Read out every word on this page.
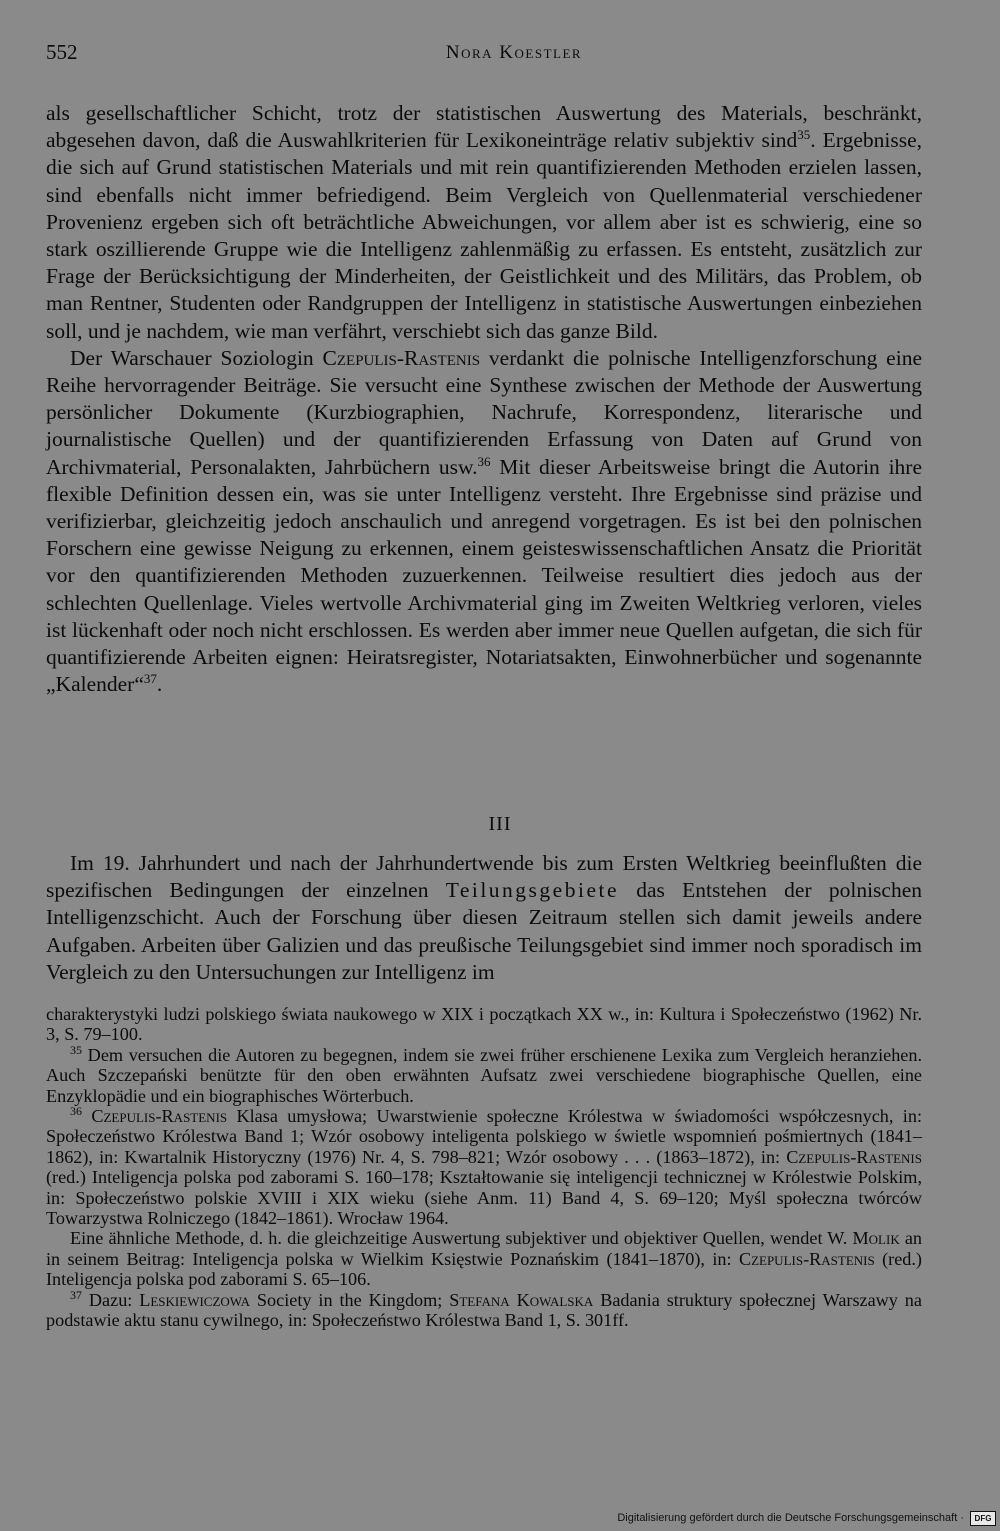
552	Nora Koestler

als gesellschaftlicher Schicht, trotz der statistischen Auswertung des Materials, beschränkt, abgesehen davon, daß die Auswahlkriterien für Lexikoneinträge relativ subjektiv sind$^{35}$. Ergebnisse, die sich auf Grund statistischen Materials und mit rein quantifizierenden Methoden erzielen lassen, sind ebenfalls nicht immer befriedigend. Beim Vergleich von Quellenmaterial verschiedener Provenienz ergeben sich oft beträchtliche Abweichungen, vor allem aber ist es schwierig, eine so stark oszillierende Gruppe wie die Intelligenz zahlenmäßig zu erfassen. Es entsteht, zusätzlich zur Frage der Berücksichtigung der Minderheiten, der Geistlichkeit und des Militärs, das Problem, ob man Rentner, Studenten oder Randgruppen der Intelligenz in statistische Auswertungen einbeziehen soll, und je nachdem, wie man verfährt, verschiebt sich das ganze Bild.

Der Warschauer Soziologin Czepulis-Rastenis verdankt die polnische Intelligenzforschung eine Reihe hervorragender Beiträge. Sie versucht eine Synthese zwischen der Methode der Auswertung persönlicher Dokumente (Kurzbiographien, Nachrufe, Korrespondenz, literarische und journalistische Quellen) und der quantifizierenden Erfassung von Daten auf Grund von Archivmaterial, Personalakten, Jahrbüchern usw.$^{36}$ Mit dieser Arbeitsweise bringt die Autorin ihre flexible Definition dessen ein, was sie unter Intelligenz versteht. Ihre Ergebnisse sind präzise und verifizierbar, gleichzeitig jedoch anschaulich und anregend vorgetragen. Es ist bei den polnischen Forschern eine gewisse Neigung zu erkennen, einem geisteswissenschaftlichen Ansatz die Priorität vor den quantifizierenden Methoden zuzuerkennen. Teilweise resultiert dies jedoch aus der schlechten Quellenlage. Vieles wertvolle Archivmaterial ging im Zweiten Weltkrieg verloren, vieles ist lückenhaft oder noch nicht erschlossen. Es werden aber immer neue Quellen aufgetan, die sich für quantifizierende Arbeiten eignen: Heiratsregister, Notariatsakten, Einwohnerbücher und sogenannte „Kalender“$^{37}$.

III

Im 19. Jahrhundert und nach der Jahrhundertwende bis zum Ersten Weltkrieg beeinflußten die spezifischen Bedingungen der einzelnen Teilungsgebiete das Entstehen der polnischen Intelligenzschicht. Auch der Forschung über diesen Zeitraum stellen sich damit jeweils andere Aufgaben. Arbeiten über Galizien und das preußische Teilungsgebiet sind immer noch sporadisch im Vergleich zu den Untersuchungen zur Intelligenz im

charakterystyki ludzi polskiego świata naukowego w XIX i początkach XX w., in: Kultura i Społeczeństwo (1962) Nr. 3, S. 79–100.

$^{35}$ Dem versuchen die Autoren zu begegnen, indem sie zwei früher erschienene Lexika zum Vergleich heranziehen. Auch Szczepański benützte für den oben erwähnten Aufsatz zwei verschiedene biographische Quellen, eine Enzyklopädie und ein biographisches Wörterbuch.

$^{36}$ Czepulis-Rastenis Klasa umysłowa; Uwarstwienie społeczne Królestwa w świadomości współczesnych, in: Społeczeństwo Królestwa Band 1; Wzór osobowy inteligenta polskiego w świetle wspomnień pośmiertnych (1841–1862), in: Kwartalnik Historyczny (1976) Nr. 4, S. 798–821; Wzór osobowy . . . (1863–1872), in: Czepulis-Rastenis (red.) Inteligencja polska pod zaborami S. 160–178; Kształtowanie się inteligencji technicznej w Królestwie Polskim, in: Społeczeństwo polskie XVIII i XIX wieku (siehe Anm. 11) Band 4, S. 69–120; Myśl społeczna twórców Towarzystwa Rolniczego (1842–1861). Wrocław 1964.

Eine ähnliche Methode, d. h. die gleichzeitige Auswertung subjektiver und objektiver Quellen, wendet W. Molik an in seinem Beitrag: Inteligencja polska w Wielkim Księstwie Poznańskim (1841–1870), in: Czepulis-Rastenis (red.) Inteligencja polska pod zaborami S. 65–106.

$^{37}$ Dazu: Leskiewiczowa Society in the Kingdom; Stefana Kowalska Badania struktury społecznej Warszawy na podstawie aktu stanu cywilnego, in: Społeczeństwo Królestwa Band 1, S. 301ff.

Digitalisierung gefördert durch die Deutsche Forschungsgemeinschaft ·	DFG
